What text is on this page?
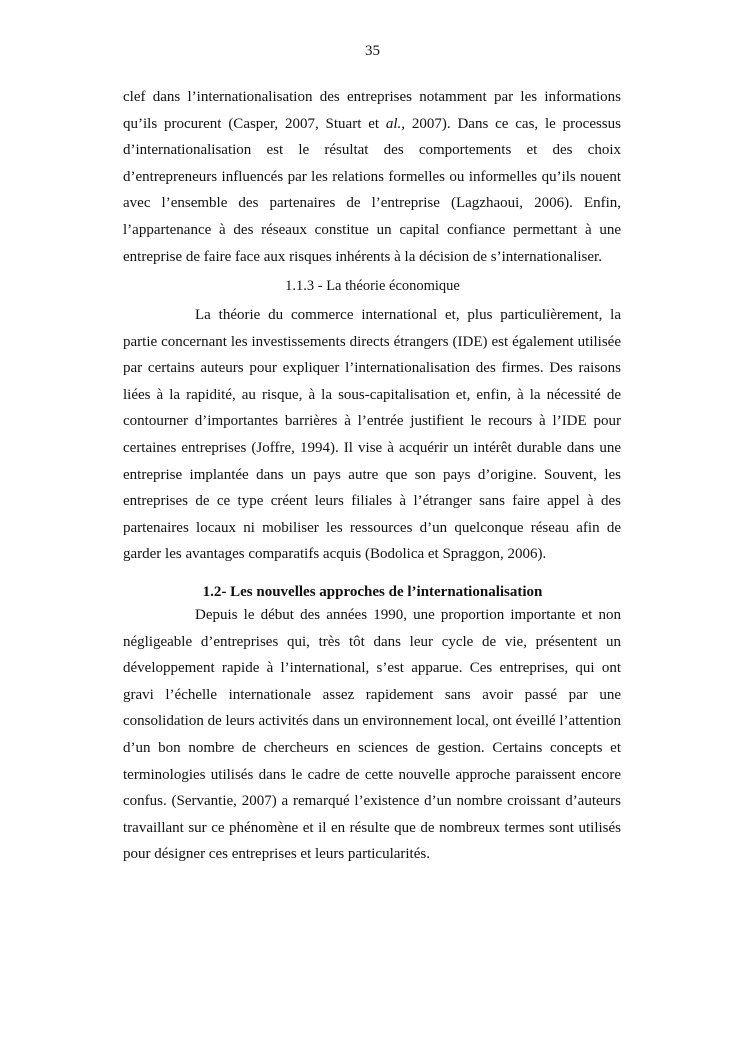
35

clef dans l’internationalisation des entreprises notamment par les informations qu’ils procurent (Casper, 2007, Stuart et al., 2007). Dans ce cas, le processus d’internationalisation est le résultat des comportements et des choix d’entrepreneurs influencés par les relations formelles ou informelles qu’ils nouent avec l’ensemble des partenaires de l’entreprise (Lagzhaoui, 2006). Enfin, l’appartenance à des réseaux constitue un capital confiance permettant à une entreprise de faire face aux risques inhérents à la décision de s’internationaliser.

1.1.3 - La théorie économique

La théorie du commerce international et, plus particulièrement, la partie concernant les investissements directs étrangers (IDE) est également utilisée par certains auteurs pour expliquer l’internationalisation des firmes. Des raisons liées à la rapidité, au risque, à la sous-capitalisation et, enfin, à la nécessité de contourner d’importantes barrières à l’entrée justifient le recours à l’IDE pour certaines entreprises (Joffre, 1994). Il vise à acquérir un intérêt durable dans une entreprise implantée dans un pays autre que son pays d’origine. Souvent, les entreprises de ce type créent leurs filiales à l’étranger sans faire appel à des partenaires locaux ni mobiliser les ressources d’un quelconque réseau afin de garder les avantages comparatifs acquis (Bodolica et Spraggon, 2006).

1.2- Les nouvelles approches de l’internationalisation

Depuis le début des années 1990, une proportion importante et non négligeable d’entreprises qui, très tôt dans leur cycle de vie, présentent un développement rapide à l’international, s’est apparue. Ces entreprises, qui ont gravi l’échelle internationale assez rapidement sans avoir passé par une consolidation de leurs activités dans un environnement local, ont éveillé l’attention d’un bon nombre de chercheurs en sciences de gestion. Certains concepts et terminologies utilisés dans le cadre de cette nouvelle approche paraissent encore confus. (Servantie, 2007) a remarqué l’existence d’un nombre croissant d’auteurs travaillant sur ce phénomène et il en résulte que de nombreux termes sont utilisés pour désigner ces entreprises et leurs particularités.
